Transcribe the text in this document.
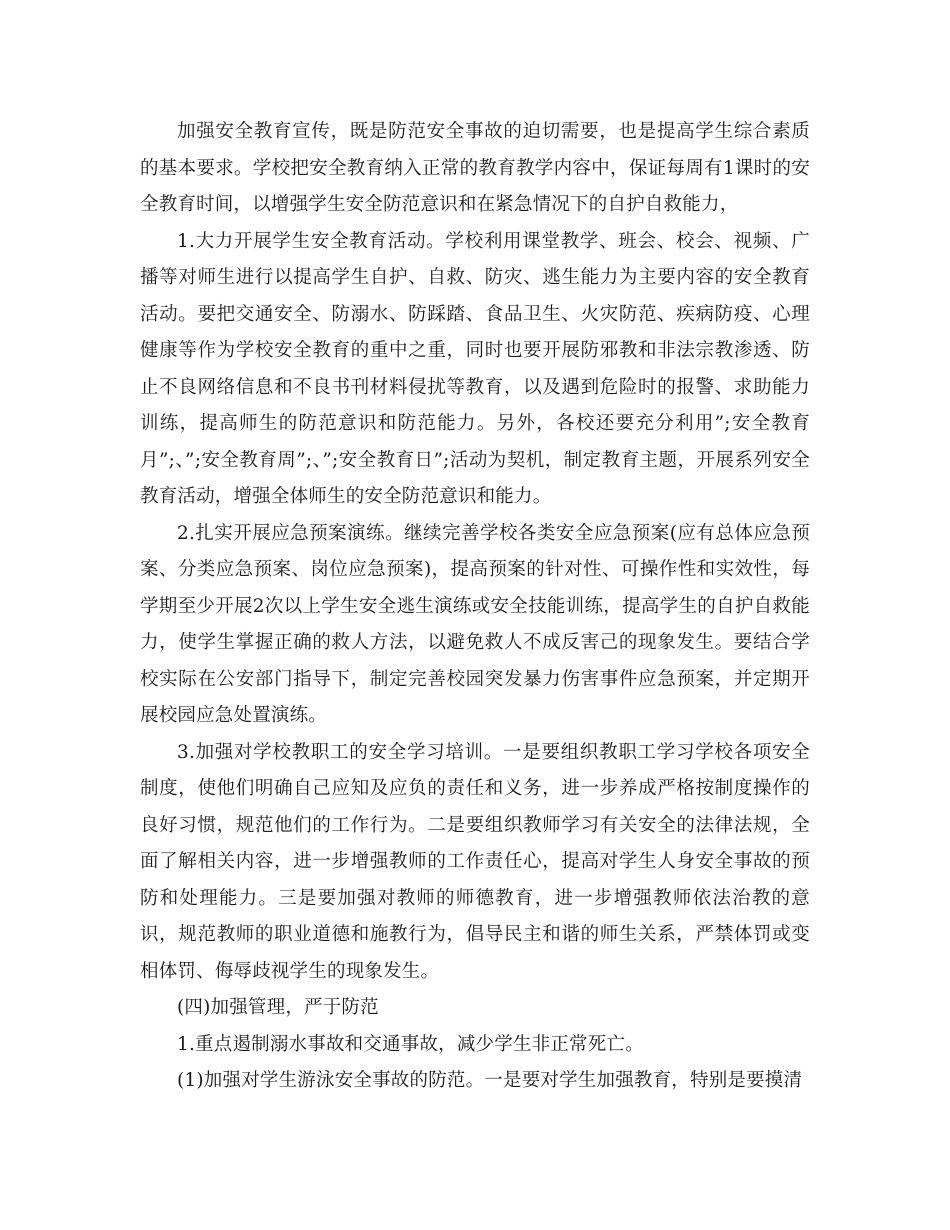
加强安全教育宣传，既是防范安全事故的迫切需要，也是提高学生综合素质的基本要求。学校把安全教育纳入正常的教育教学内容中，保证每周有1课时的安全教育时间，以增强学生安全防范意识和在紧急情况下的自护自救能力，

1.大力开展学生安全教育活动。学校利用课堂教学、班会、校会、视频、广播等对师生进行以提高学生自护、自救、防灾、逃生能力为主要内容的安全教育活动。要把交通安全、防溺水、防踩踏、食品卫生、火灾防范、疾病防疫、心理健康等作为学校安全教育的重中之重，同时也要开展防邪教和非法宗教渗透、防止不良网络信息和不良书刊材料侵扰等教育，以及遇到危险时的报警、求助能力训练，提高师生的防范意识和防范能力。另外，各校还要充分利用”;安全教育月”;、”;安全教育周”;、”;安全教育日”;活动为契机，制定教育主题，开展系列安全教育活动，增强全体师生的安全防范意识和能力。

2.扎实开展应急预案演练。继续完善学校各类安全应急预案(应有总体应急预案、分类应急预案、岗位应急预案)，提高预案的针对性、可操作性和实效性，每学期至少开展2次以上学生安全逃生演练或安全技能训练，提高学生的自护自救能力，使学生掌握正确的救人方法，以避免救人不成反害己的现象发生。要结合学校实际在公安部门指导下，制定完善校园突发暴力伤害事件应急预案，并定期开展校园应急处置演练。

3.加强对学校教职工的安全学习培训。一是要组织教职工学习学校各项安全制度，使他们明确自己应知及应负的责任和义务，进一步养成严格按制度操作的良好习惯，规范他们的工作行为。二是要组织教师学习有关安全的法律法规，全面了解相关内容，进一步增强教师的工作责任心，提高对学生人身安全事故的预防和处理能力。三是要加强对教师的师德教育，进一步增强教师依法治教的意识，规范教师的职业道德和施教行为，倡导民主和谐的师生关系，严禁体罚或变相体罚、侮辱歧视学生的现象发生。

(四)加强管理，严于防范

1.重点遏制溺水事故和交通事故，减少学生非正常死亡。

(1)加强对学生游泳安全事故的防范。一是要对学生加强教育，特别是要摸清
